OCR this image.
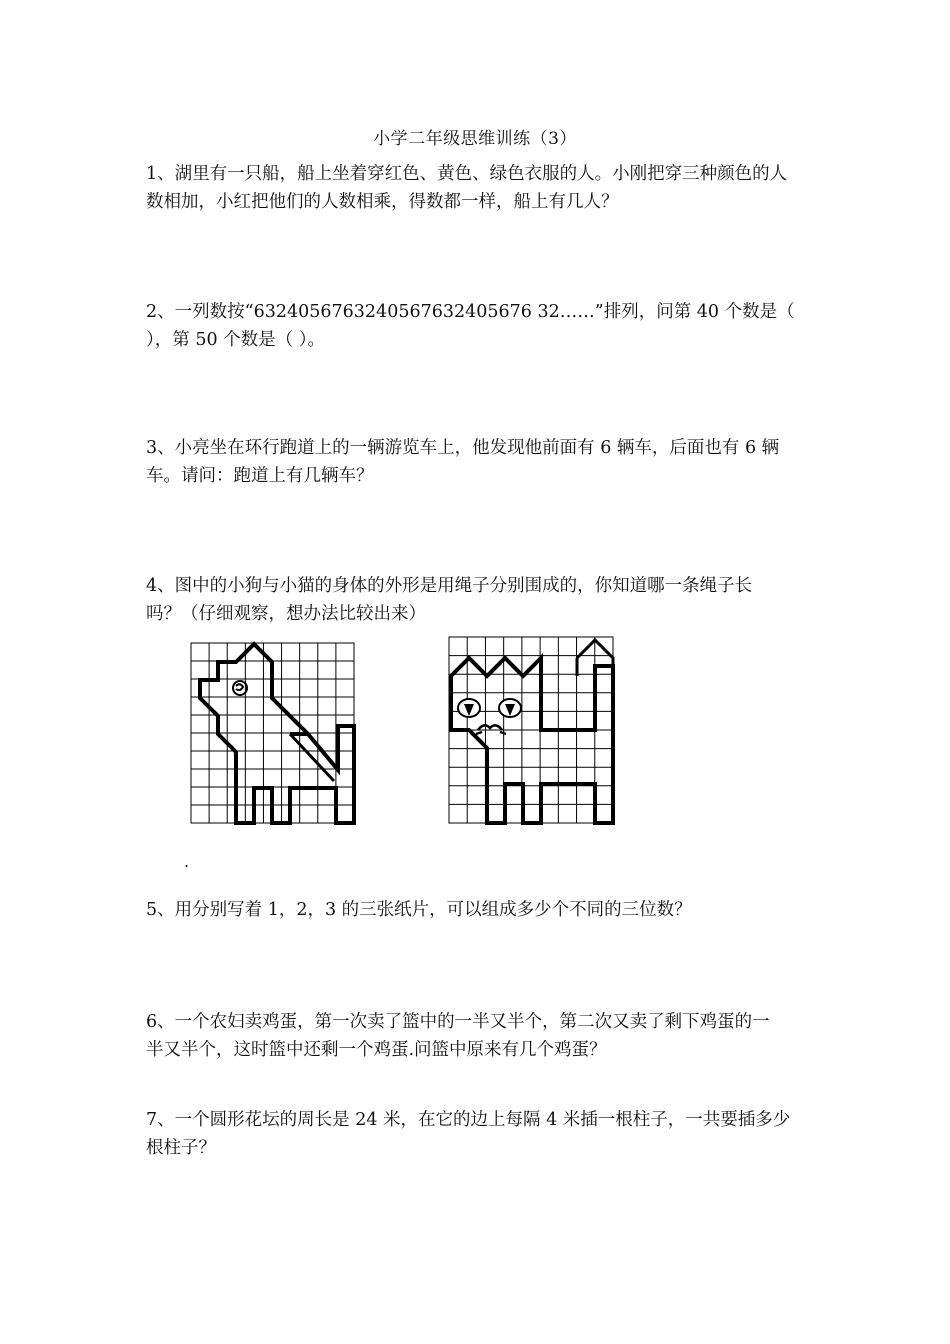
小学二年级思维训练（3）

1、湖里有一只船，船上坐着穿红色、黄色、绿色衣服的人。小刚把穿三种颜色的人

数相加，小红把他们的人数相乘，得数都一样，船上有几人？

2、一列数按“6324056763240567632405676 32……”排列，问第 40 个数是（

），第 50 个数是（ ）。

3、小亮坐在环行跑道上的一辆游览车上，他发现他前面有 6 辆车，后面也有 6 辆

车。请问：跑道上有几辆车？

4、图中的小狗与小猫的身体的外形是用绳子分别围成的，你知道哪一条绳子长

吗？（仔细观察，想办法比较出来）

.

5、用分别写着 1，2，3 的三张纸片，可以组成多少个不同的三位数？

6、一个农妇卖鸡蛋，第一次卖了篮中的一半又半个，第二次又卖了剩下鸡蛋的一

半又半个，这时篮中还剩一个鸡蛋.问篮中原来有几个鸡蛋？

7、一个圆形花坛的周长是 24 米，在它的边上每隔 4 米插一根柱子，一共要插多少

根柱子？
